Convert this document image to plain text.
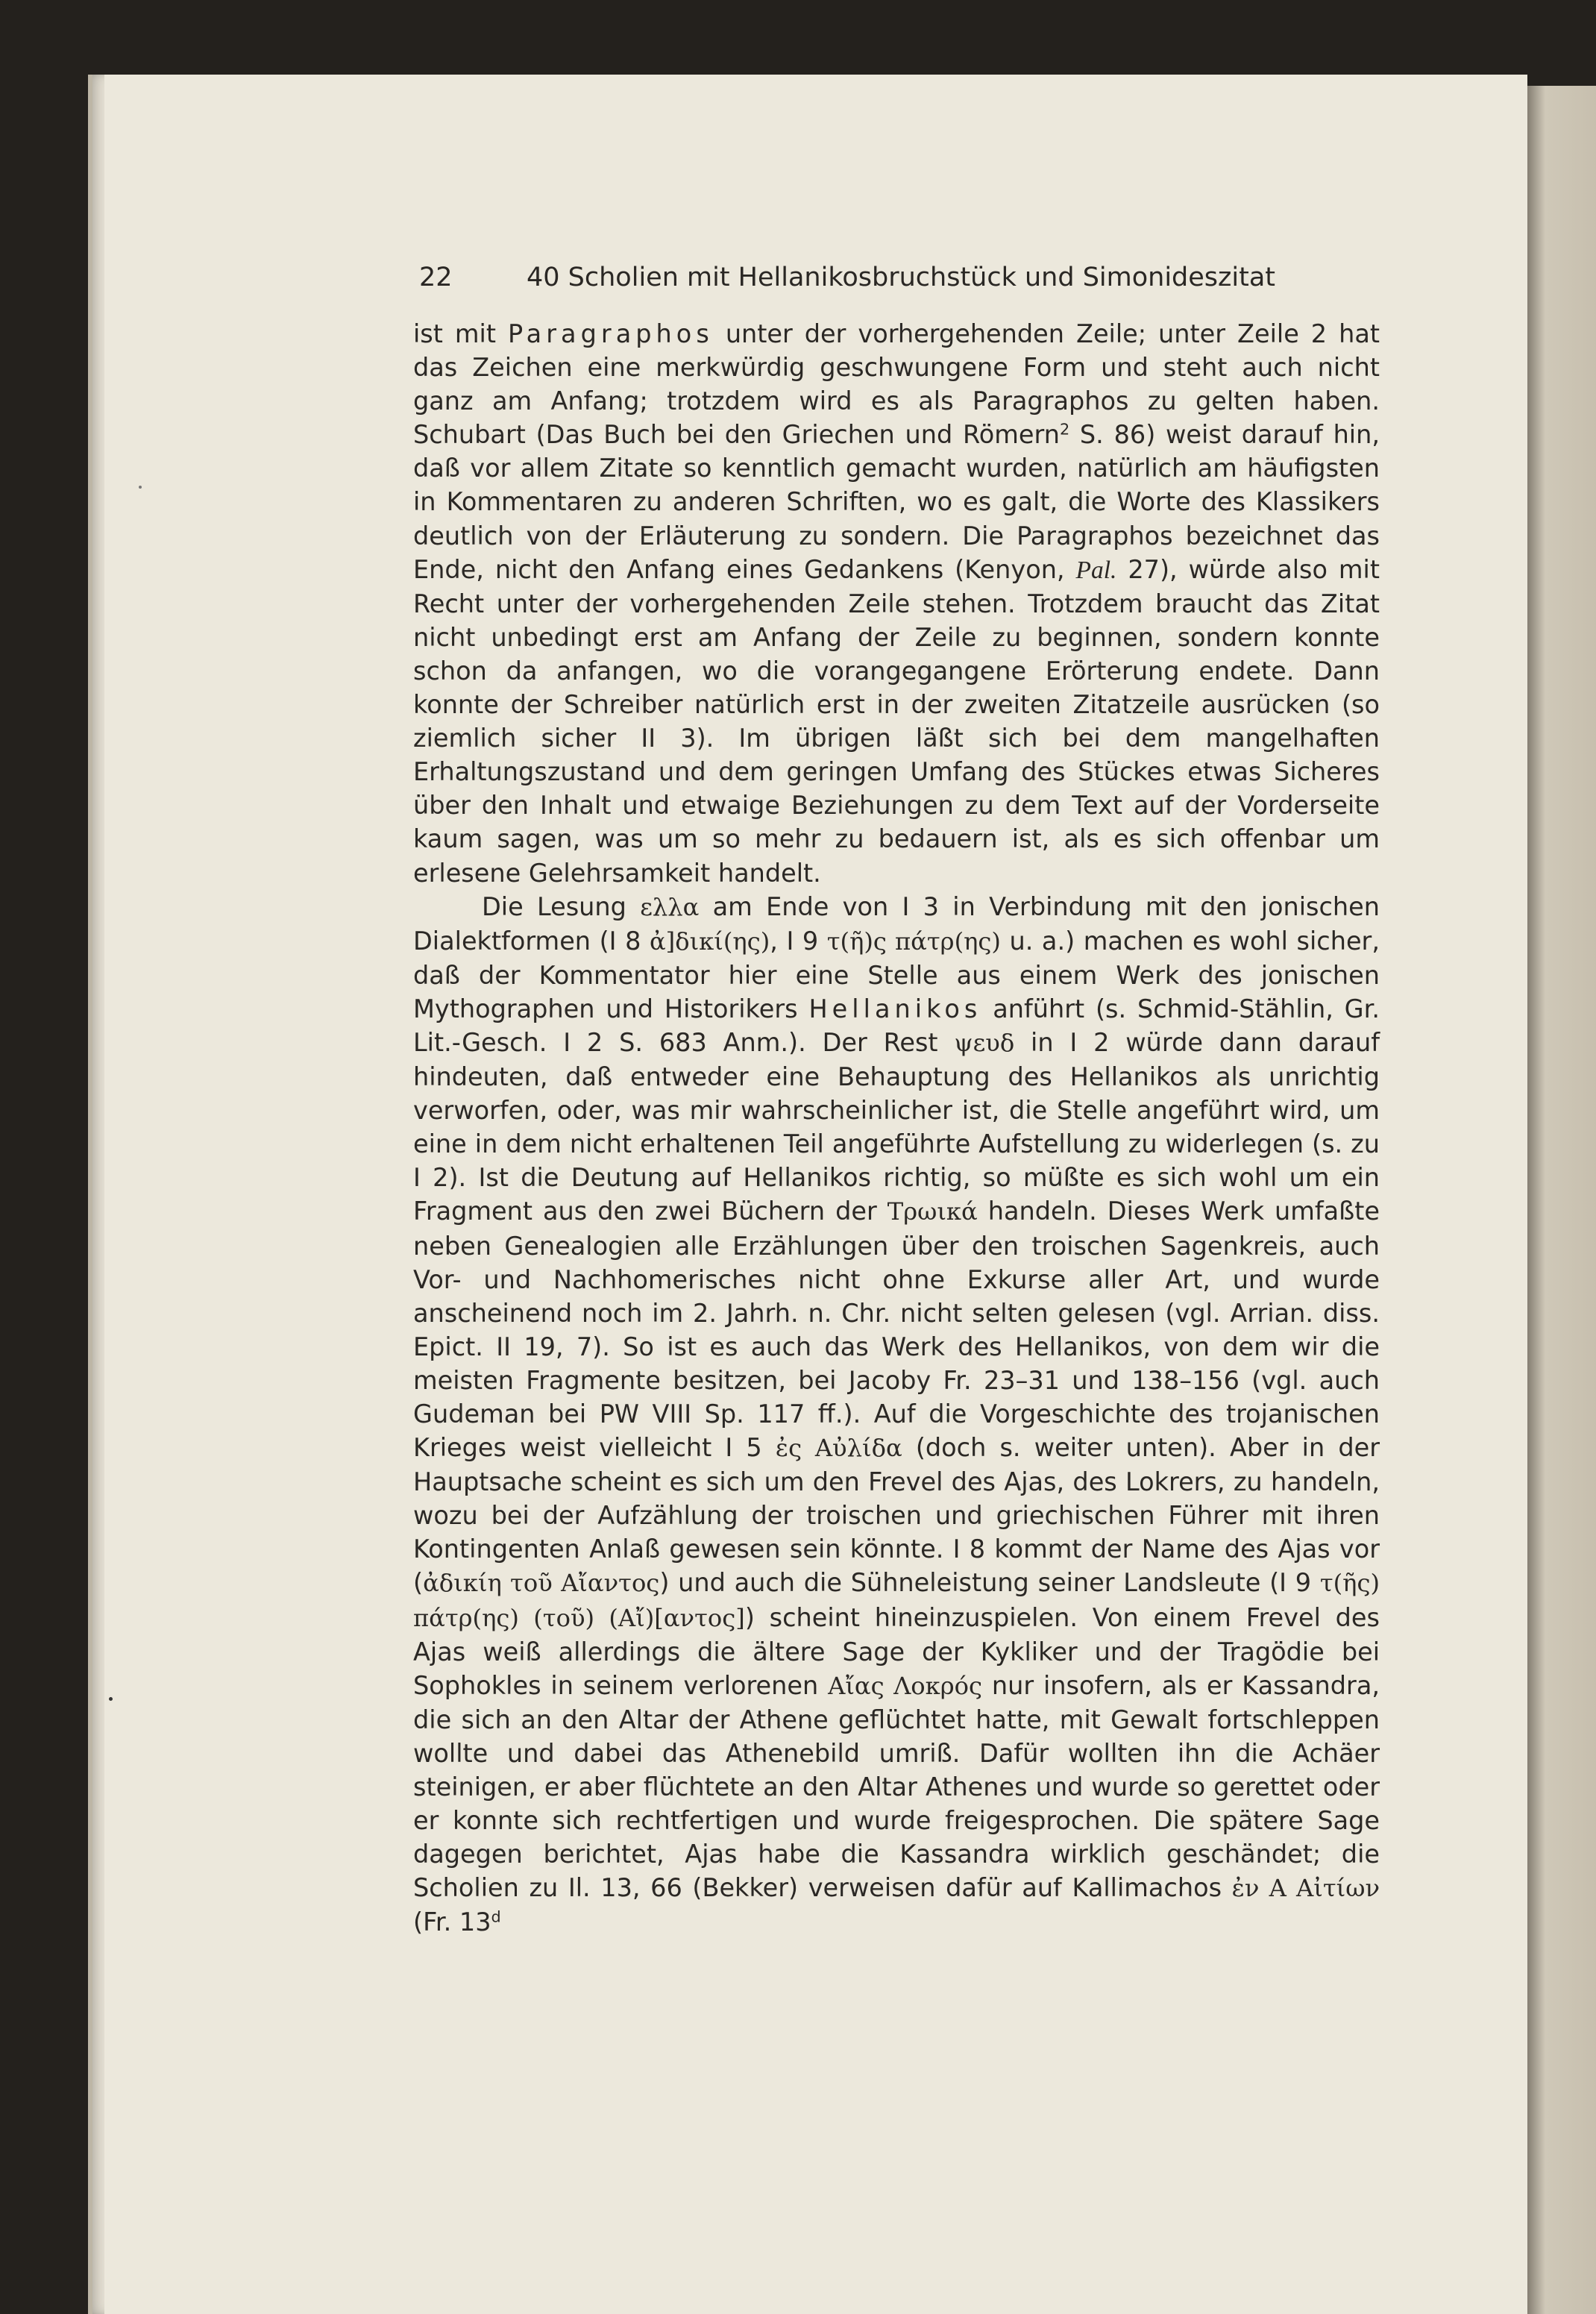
22	40 Scholien mit Hellanikosbruchstück und Simonideszitat

ist mit Paragraphos unter der vorhergehenden Zeile; unter Zeile 2 hat das Zeichen eine merkwürdig geschwungene Form und steht auch nicht ganz am Anfang; trotzdem wird es als Paragraphos zu gelten haben. Schubart (Das Buch bei den Griechen und Römern$^2$ S. 86) weist darauf hin, daß vor allem Zitate so kenntlich gemacht wurden, natürlich am häufigsten in Kommentaren zu anderen Schriften, wo es galt, die Worte des Klassikers deutlich von der Erläuterung zu sondern. Die Paragraphos bezeichnet das Ende, nicht den Anfang eines Gedankens (Kenyon, Pal. 27), würde also mit Recht unter der vorhergehenden Zeile stehen. Trotzdem braucht das Zitat nicht unbedingt erst am Anfang der Zeile zu beginnen, sondern konnte schon da anfangen, wo die vorangegangene Erörterung endete. Dann konnte der Schreiber natürlich erst in der zweiten Zitatzeile ausrücken (so ziemlich sicher II 3). Im übrigen läßt sich bei dem mangelhaften Erhaltungszustand und dem geringen Umfang des Stückes etwas Sicheres über den Inhalt und etwaige Beziehungen zu dem Text auf der Vorderseite kaum sagen, was um so mehr zu bedauern ist, als es sich offenbar um erlesene Gelehrsamkeit handelt.

Die Lesung ελλα am Ende von I 3 in Verbindung mit den jonischen Dialektformen (I 8 ἀ]δικί(ης), I 9 τ(ῆ)ς πάτρ(ης) u. a.) machen es wohl sicher, daß der Kommentator hier eine Stelle aus einem Werk des jonischen Mythographen und Historikers Hellanikos anführt (s. Schmid-Stählin, Gr. Lit.-Gesch. I 2 S. 683 Anm.). Der Rest ψευδ in I 2 würde dann darauf hindeuten, daß entweder eine Behauptung des Hellanikos als unrichtig verworfen, oder, was mir wahrscheinlicher ist, die Stelle angeführt wird, um eine in dem nicht erhaltenen Teil angeführte Aufstellung zu widerlegen (s. zu I 2). Ist die Deutung auf Hellanikos richtig, so müßte es sich wohl um ein Fragment aus den zwei Büchern der Τρωικά handeln. Dieses Werk umfaßte neben Genealogien alle Erzählungen über den troischen Sagenkreis, auch Vor- und Nachhomerisches nicht ohne Exkurse aller Art, und wurde anscheinend noch im 2. Jahrh. n. Chr. nicht selten gelesen (vgl. Arrian. diss. Epict. II 19, 7). So ist es auch das Werk des Hellanikos, von dem wir die meisten Fragmente besitzen, bei Jacoby Fr. 23–31 und 138–156 (vgl. auch Gudeman bei PW VIII Sp. 117 ff.). Auf die Vorgeschichte des trojanischen Krieges weist vielleicht I 5 ἐς Αὐλίδα (doch s. weiter unten). Aber in der Hauptsache scheint es sich um den Frevel des Ajas, des Lokrers, zu handeln, wozu bei der Aufzählung der troischen und griechischen Führer mit ihren Kontingenten Anlaß gewesen sein könnte. I 8 kommt der Name des Ajas vor (ἀδικίη τοῦ Αἴαντος) und auch die Sühneleistung seiner Landsleute (I 9 τ(ῆς) πάτρ(ης) (τοῦ) (Αἴ)[αντος]) scheint hineinzuspielen. Von einem Frevel des Ajas weiß allerdings die ältere Sage der Kykliker und der Tragödie bei Sophokles in seinem verlorenen Αἴας Λοκρός nur insofern, als er Kassandra, die sich an den Altar der Athene geflüchtet hatte, mit Gewalt fortschleppen wollte und dabei das Athenebild umriß. Dafür wollten ihn die Achäer steinigen, er aber flüchtete an den Altar Athenes und wurde so gerettet oder er konnte sich rechtfertigen und wurde freigesprochen. Die spätere Sage dagegen berichtet, Ajas habe die Kassandra wirklich geschändet; die Scholien zu Il. 13, 66 (Bekker) verweisen dafür auf Kallimachos ἐν Α Αἰτίων (Fr. 13$^d$
